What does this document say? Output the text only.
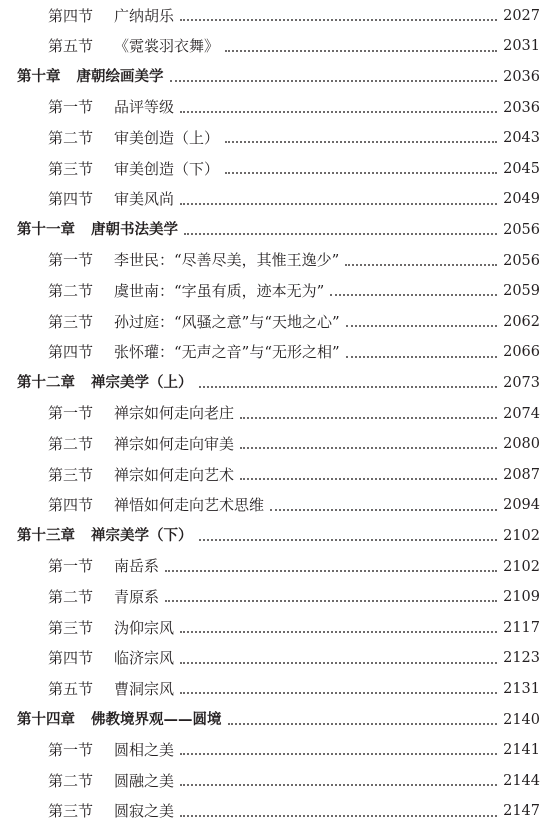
第四节	广纳胡乐	2027
第五节	《霓裳羽衣舞》	2031
第十章 唐朝绘画美学	2036
第一节	品评等级	2036
第二节	审美创造（上）	2043
第三节	审美创造（下）	2045
第四节	审美风尚	2049
第十一章 唐朝书法美学	2056
第一节	李世民：“尽善尽美，其惟王逸少”	2056
第二节	虞世南：“字虽有质，迹本无为”	2059
第三节	孙过庭：“风骚之意”与“天地之心”	2062
第四节	张怀瓘：“无声之音”与“无形之相”	2066
第十二章 禅宗美学（上）	2073
第一节	禅宗如何走向老庄	2074
第二节	禅宗如何走向审美	2080
第三节	禅宗如何走向艺术	2087
第四节	禅悟如何走向艺术思维	2094
第十三章 禅宗美学（下）	2102
第一节	南岳系	2102
第二节	青原系	2109
第三节	沩仰宗风	2117
第四节	临济宗风	2123
第五节	曹洞宗风	2131
第十四章 佛教境界观——圆境	2140
第一节	圆相之美	2141
第二节	圆融之美	2144
第三节	圆寂之美	2147
